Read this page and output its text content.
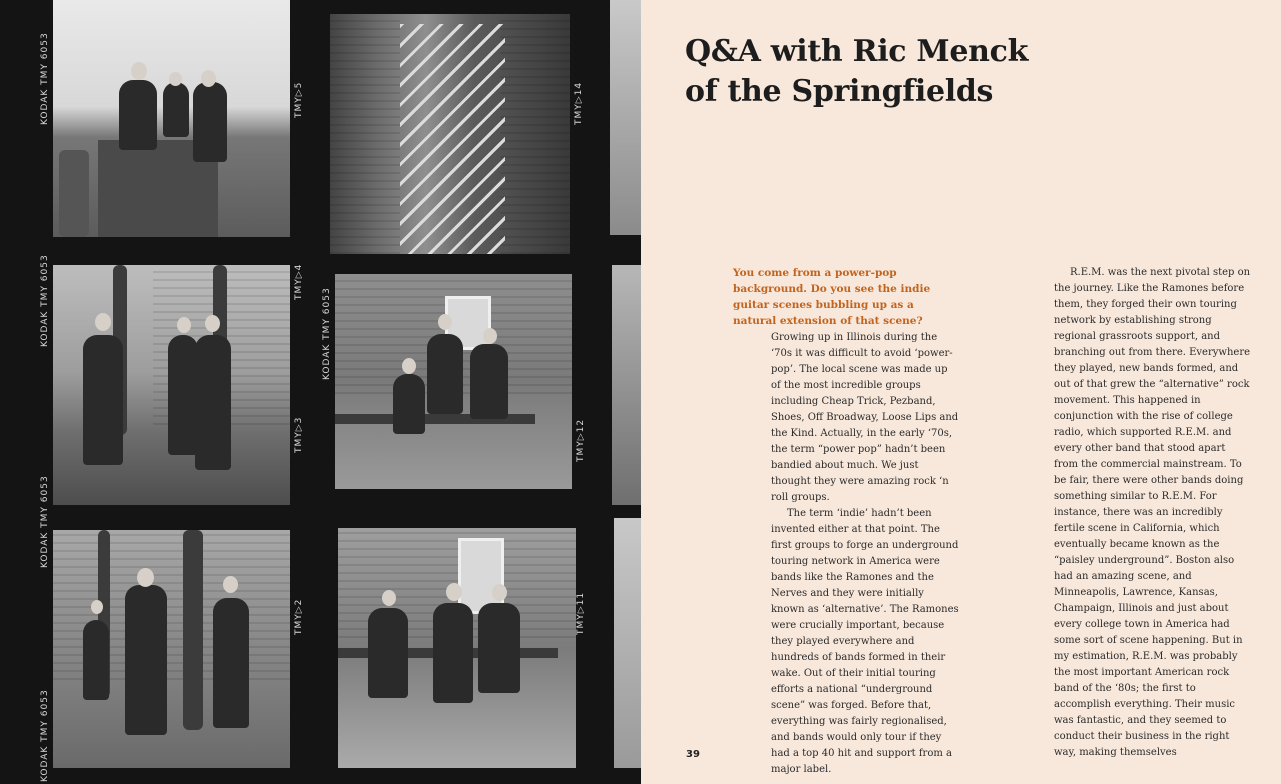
KODAK TMY 6053
KODAK TMY 6053
KODAK TMY 6053
KODAK TMY 6053
TMY▷5
TMY▷4
TMY▷3
TMY▷2
TMY▷14
TMY▷12
TMY▷11
KODAK TMY 6053
Q&A with Ric Menck
of the Springfields

You come from a power-pop background. Do you see the indie guitar scenes bubbling up as a natural extension of that scene?

Growing up in Illinois during the ‘70s it was difficult to avoid ‘power-pop’. The local scene was made up of the most incredible groups including Cheap Trick, Pezband, Shoes, Off Broadway, Loose Lips and the Kind. Actually, in the early ‘70s, the term “power pop” hadn’t been bandied about much. We just thought they were amazing rock ‘n roll groups.

The term ‘indie’ hadn’t been invented either at that point. The first groups to forge an underground touring network in America were bands like the Ramones and the Nerves and they were initially known as ‘alternative’. The Ramones were crucially important, because they played everywhere and hundreds of bands formed in their wake. Out of their initial touring efforts a national “underground scene” was forged. Before that, everything was fairly regionalised, and bands would only tour if they had a top 40 hit and support from a major label.

R.E.M. was the next pivotal step on the journey. Like the Ramones before them, they forged their own touring network by establishing strong regional grassroots support, and branching out from there. Everywhere they played, new bands formed, and out of that grew the “alternative” rock movement. This happened in conjunction with the rise of college radio, which supported R.E.M. and every other band that stood apart from the commercial mainstream. To be fair, there were other bands doing something similar to R.E.M. For instance, there was an incredibly fertile scene in California, which eventually became known as the “paisley underground”. Boston also had an amazing scene, and Minneapolis, Lawrence, Kansas, Champaign, Illinois and just about every college town in America had some sort of scene happening. But in my estimation, R.E.M. was probably the most important American rock band of the ‘80s; the first to accomplish everything. Their music was fantastic, and they seemed to conduct their business in the right way, making themselves

39
